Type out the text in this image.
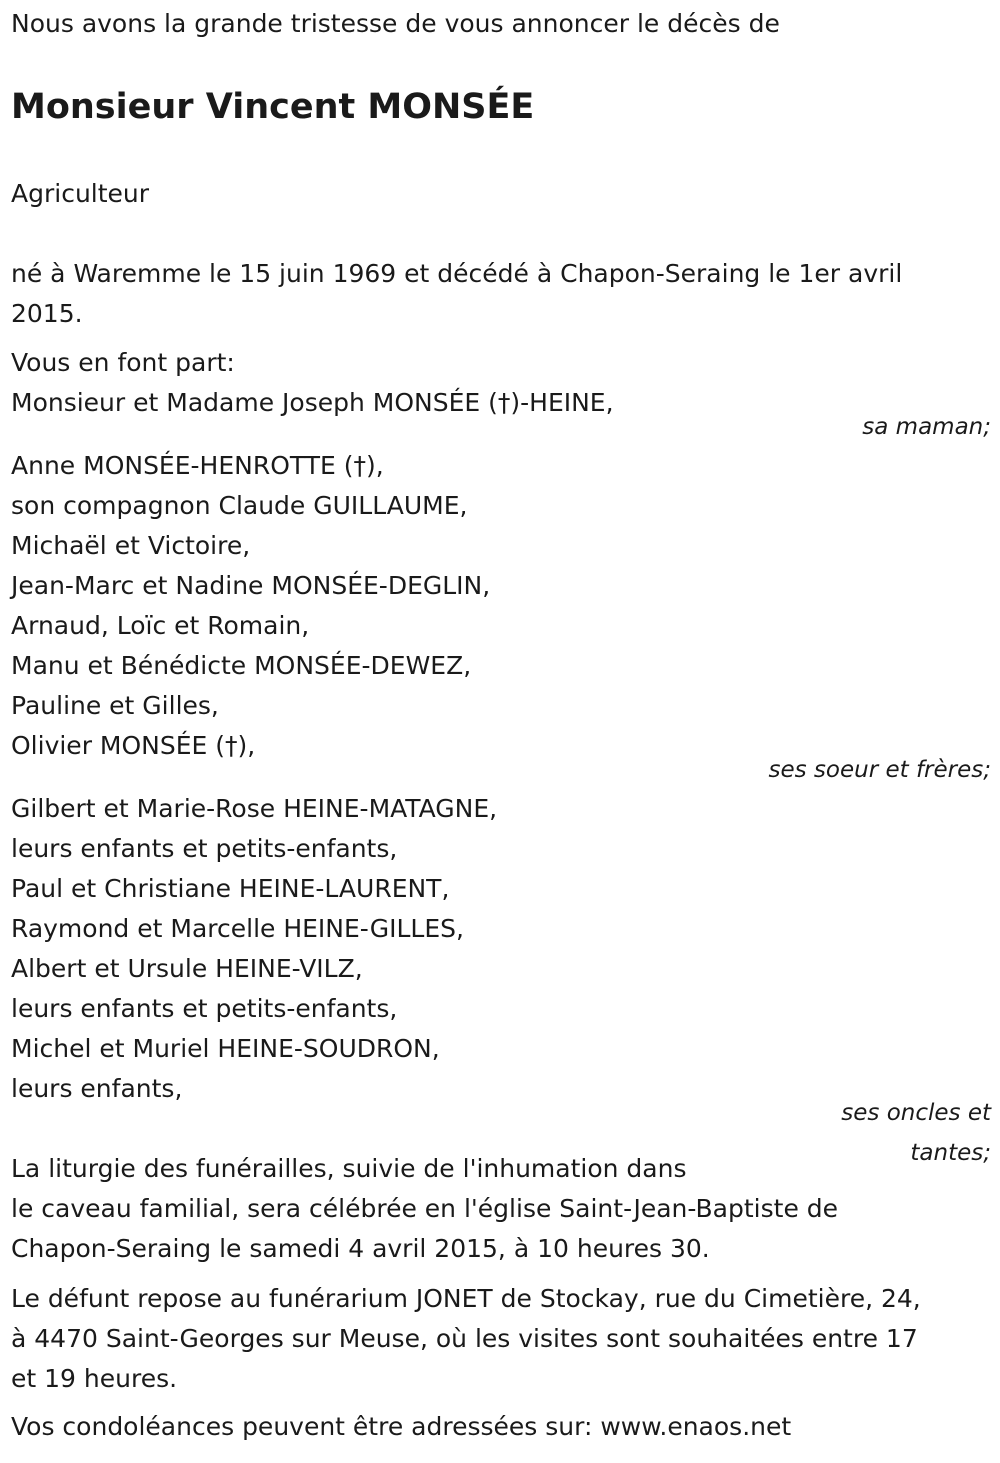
Nous avons la grande tristesse de vous annoncer le décès de
Monsieur Vincent MONSÉE
Agriculteur
né à Waremme le 15 juin 1969 et décédé à Chapon-Seraing le 1er avril
2015.
Vous en font part:
Monsieur et Madame Joseph MONSÉE (†)-HEINE,
sa maman;
Anne MONSÉE-HENROTTE (†),
son compagnon Claude GUILLAUME,
Michaël et Victoire,
Jean-Marc et Nadine MONSÉE-DEGLIN,
Arnaud, Loïc et Romain,
Manu et Bénédicte MONSÉE-DEWEZ,
Pauline et Gilles,
Olivier MONSÉE (†),
ses soeur et frères;
Gilbert et Marie-Rose HEINE-MATAGNE,
leurs enfants et petits-enfants,
Paul et Christiane HEINE-LAURENT,
Raymond et Marcelle HEINE-GILLES,
Albert et Ursule HEINE-VILZ,
leurs enfants et petits-enfants,
Michel et Muriel HEINE-SOUDRON,
leurs enfants,
ses oncles et
tantes;
La liturgie des funérailles, suivie de l'inhumation dans
le caveau familial, sera célébrée en l'église Saint-Jean-Baptiste de
Chapon-Seraing le samedi 4 avril 2015, à 10 heures 30.
Le défunt repose au funérarium JONET de Stockay, rue du Cimetière, 24,
à 4470 Saint-Georges sur Meuse, où les visites sont souhaitées entre 17
et 19 heures.
Vos condoléances peuvent être adressées sur: www.enaos.net
